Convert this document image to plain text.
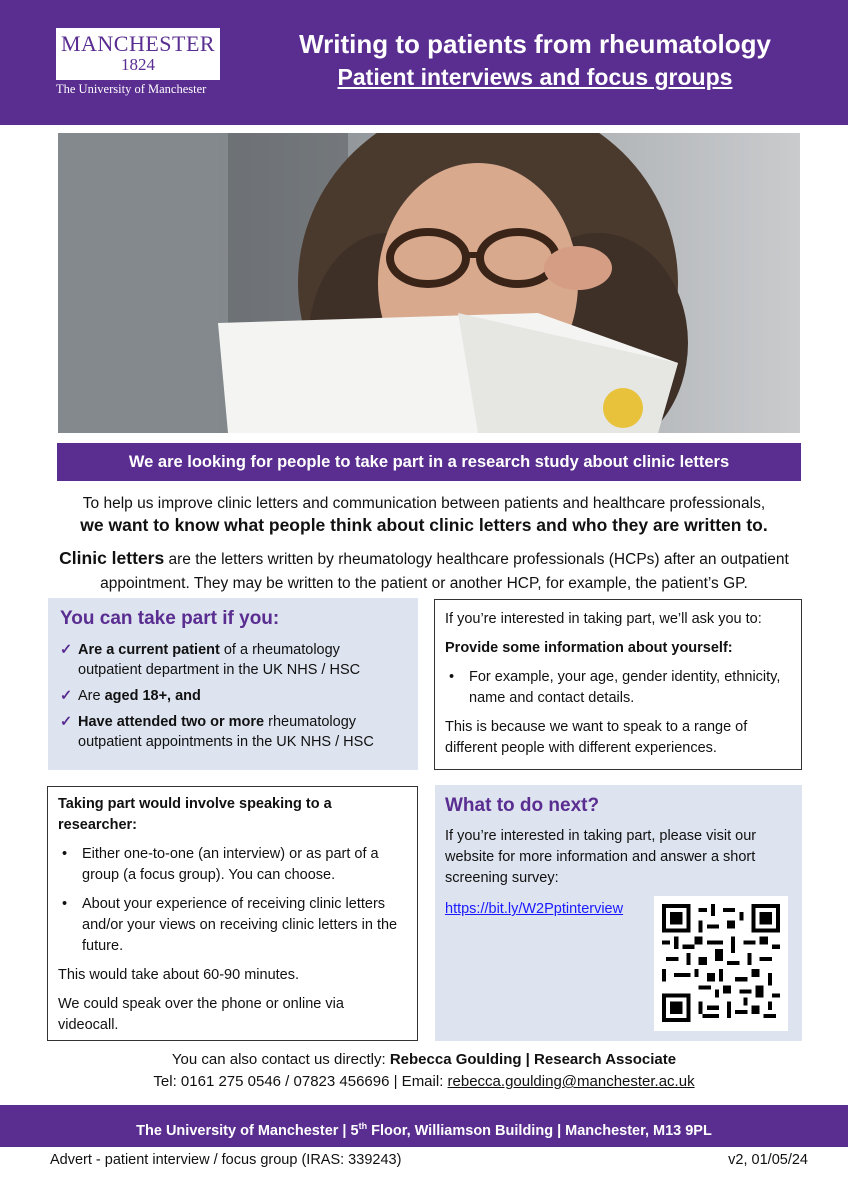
MANCHESTER
1824
The University of Manchester
Writing to patients from rheumatology
Patient interviews and focus groups
We are looking for people to take part in a research study about clinic letters
To help us improve clinic letters and communication between patients and healthcare professionals,
we want to know what people think about clinic letters and who they are written to.
Clinic letters are the letters written by rheumatology healthcare professionals (HCPs) after an outpatient appointment. They may be written to the patient or another HCP, for example, the patient’s GP.
You can take part if you:
✓ Are a current patient of a rheumatology outpatient department in the UK NHS / HSC
✓ Are aged 18+, and
✓ Have attended two or more rheumatology outpatient appointments in the UK NHS / HSC

If you’re interested in taking part, we’ll ask you to:

Provide some information about yourself:

•	For example, your age, gender identity, ethnicity, name and contact details.

This is because we want to speak to a range of different people with different experiences.

Taking part would involve speaking to a researcher:

•	Either one-to-one (an interview) or as part of a group (a focus group). You can choose.
•	About your experience of receiving clinic letters and/or your views on receiving clinic letters in the future.

This would take about 60-90 minutes.

We could speak over the phone or online via videocall.

What to do next?

If you’re interested in taking part, please visit our website for more information and answer a short screening survey:

https://bit.ly/W2Pptinterview
You can also contact us directly: Rebecca Goulding | Research Associate
Tel: 0161 275 0546 / 07823 456696 | Email: rebecca.goulding@manchester.ac.uk
The University of Manchester | 5th Floor, Williamson Building | Manchester, M13 9PL
Advert - patient interview / focus group (IRAS: 339243)	v2, 01/05/24
